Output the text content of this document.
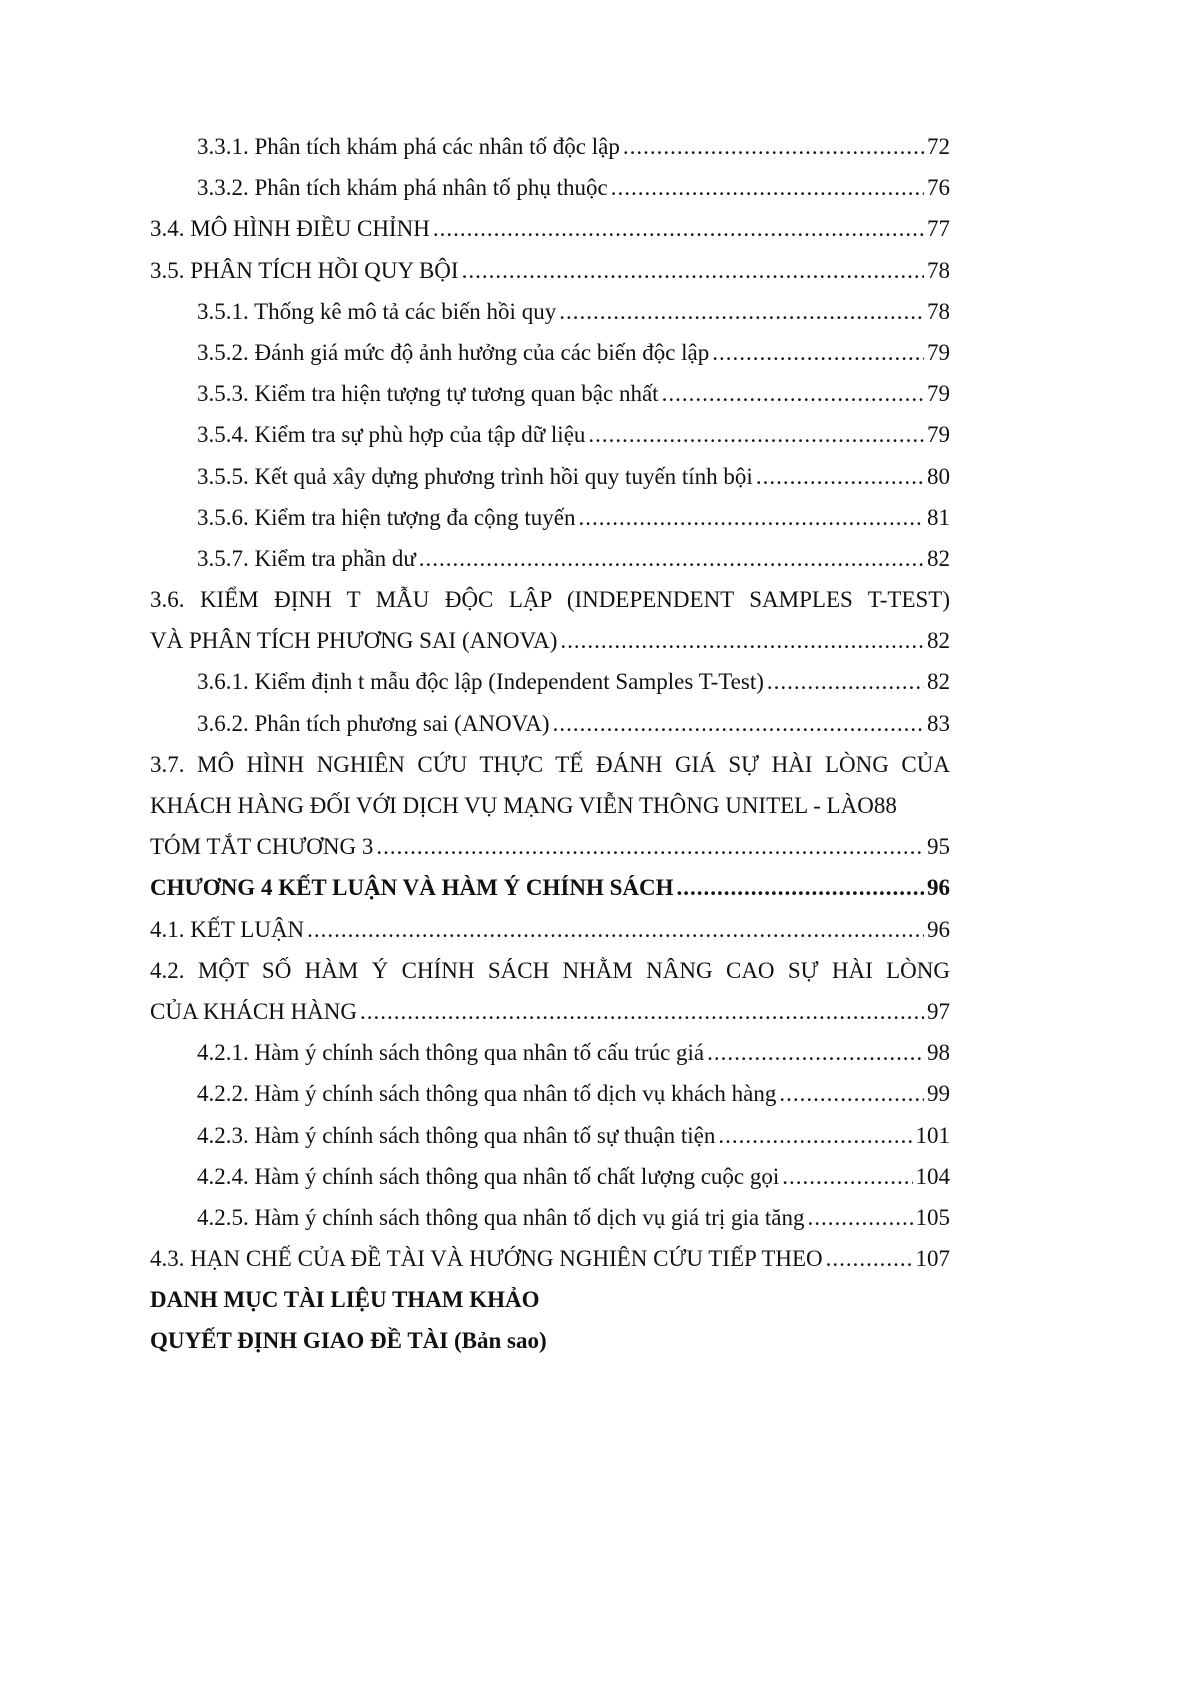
3.3.1. Phân tích khám phá các nhân tố độc lập .....	72
3.3.2. Phân tích khám phá nhân tố phụ thuộc .....	76
3.4. MÔ HÌNH ĐIỀU CHỈNH .....	77
3.5. PHÂN TÍCH HỒI QUY BỘI .....	78
3.5.1. Thống kê mô tả các biến hồi quy .....	78
3.5.2. Đánh giá mức độ ảnh hưởng của các biến độc lập .....	79
3.5.3. Kiểm tra hiện tượng tự tương quan bậc nhất .....	79
3.5.4. Kiểm tra sự phù hợp của tập dữ liệu .....	79
3.5.5. Kết quả xây dựng phương trình hồi quy tuyến tính bội .....	80
3.5.6. Kiểm tra hiện tượng đa cộng tuyến .....	81
3.5.7. Kiểm tra phần dư .....	82
3.6. KIỂM ĐỊNH T MẪU ĐỘC LẬP (INDEPENDENT SAMPLES T-TEST)
VÀ PHÂN TÍCH PHƯƠNG SAI (ANOVA) .....	82
3.6.1. Kiểm định t mẫu độc lập (Independent Samples T-Test) .....	82
3.6.2. Phân tích phương sai (ANOVA) .....	83
3.7. MÔ HÌNH NGHIÊN CỨU THỰC TẾ ĐÁNH GIÁ SỰ HÀI LÒNG CỦA
KHÁCH HÀNG ĐỐI VỚI DỊCH VỤ MẠNG VIỄN THÔNG UNITEL - LÀO 88
TÓM TẮT CHƯƠNG 3 .....	95
CHƯƠNG 4 KẾT LUẬN VÀ HÀM Ý CHÍNH SÁCH .....	96
4.1. KẾT LUẬN .....	96
4.2. MỘT SỐ HÀM Ý CHÍNH SÁCH NHẰM NÂNG CAO SỰ HÀI LÒNG
CỦA KHÁCH HÀNG .....	97
4.2.1. Hàm ý chính sách thông qua nhân tố cấu trúc giá .....	98
4.2.2. Hàm ý chính sách thông qua nhân tố dịch vụ khách hàng .....	99
4.2.3. Hàm ý chính sách thông qua nhân tố sự thuận tiện .....	101
4.2.4. Hàm ý chính sách thông qua nhân tố chất lượng cuộc gọi .....	104
4.2.5. Hàm ý chính sách thông qua nhân tố dịch vụ giá trị gia tăng .....	105
4.3. HẠN CHẾ CỦA ĐỀ TÀI VÀ HƯỚNG NGHIÊN CỨU TIẾP THEO .....	107
DANH MỤC TÀI LIỆU THAM KHẢO
QUYẾT ĐỊNH GIAO ĐỀ TÀI (Bản sao)
